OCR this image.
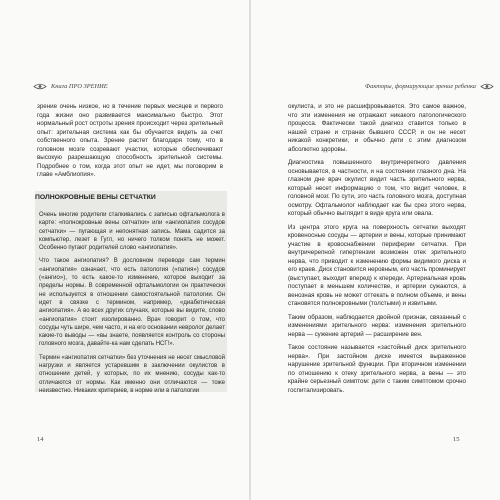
Книга ПРО ЗРЕНИЕ

зрение очень низкое, но в течение первых месяцев и первого года жизни оно развивается максимально быстро. Этот нормальный рост остроты зрения происходит через зрительный опыт: зрительная система как бы обучается видеть за счет собственного опыта. Зрение растет благодаря тому, что в головном мозге созревают участки, которые обеспечивают высокую разрешающую способность зрительной системы. Подробнее о том, когда этот опыт не идет, мы поговорим в главе «Амблиопия».

ПОЛНОКРОВНЫЕ ВЕНЫ СЕТЧАТКИ

Очень многие родители сталкивались с записью офтальмолога в карте: «полнокровные вены сетчатки» или «ангиопатия сосудов сетчатки» — пугающая и непонятная запись. Мама садится за компьютер, лезет в Гугл, но ничего толком понять не может. Особенно пугают родителей слово «ангиопатия».

Что такое ангиопатия? В дословном переводе сам термин «ангиопатия» означает, что есть патология («патия») сосудов («ангио»), то есть какое-то изменение, которое выходит за пределы нормы. В современной офтальмологии он практически не используется в отношении самостоятельной патологии. Он идет в связке с термином, например, «диабетическая ангиопатия». А во всех других случаях, которые вы видите, слово «ангиопатия» стоит изолированно. Врач говорит о том, что сосуды чуть шире, чем часто, и на его основании невролог делает какие-то выводы — «вы знаете, появляется контроль со стороны головного мозга, давайте-ка нам сделать НСГ!».

Термин «ангиопатия сетчатки» без уточнения не несет смысловой нагрузки и является устаревшим в заключении окулистов в отношении детей, у которых, по их мнению, сосуды как-то отличаются от нормы. Как именно они отличаются — тоже неизвестно. Никаких критериев, в норме или в патологии

14
Факторы, формирующие зрение ребенка

окулиста, и это не расшифровывается. Это самое важное, что эти изменения не отражают никакого патологического процесса. Фактически такой диагноз ставится только в нашей стране и странах бывшего СССР, и он не несет никакой конкретики, и обычно дети с этим диагнозом абсолютно здоровы.

Диагностика повышенного внутричерепного давления основывается, в частности, и на состоянии глазного дна. На глазном дне врач окулист видит часть зрительного нерва, который несет информацию о том, что видит человек, в головной мозг. По сути, это часть головного мозга, доступная осмотру. Офтальмолог наблюдает как бы срез этого нерва, который обычно выглядит в виде круга или овала.

Из центра этого круга на поверхность сетчатки выходят кровеносные сосуды — артерии и вены, которые принимают участие в кровоснабжении периферии сетчатки. При внутричерепной гипертензии возможен отек зрительного нерва, что приводит к изменению формы видимого диска и его краев. Диск становится неровным, его часть проминирует (выступает, выходит вперед) к кпереди. Артериальная кровь поступает в меньшем количестве, и артерии сужаются, а венозная кровь не может оттекать в полном объеме, и вены становятся полнокровными (толстыми) и извитыми.

Таким образом, наблюдается двойной признак, связанный с изменениями зрительного нерва: изменения зрительного нерва — сужение артерий — расширение вен.

Такое состояние называется «застойный диск зрительного нерва». При застойном диске имеется выраженное нарушение зрительной функции. При вторичном изменении по отношению к отеку зрительного нерва, а вены — это крайне серьезный симптом: дети с таким симптомом срочно госпитализировать.

15
